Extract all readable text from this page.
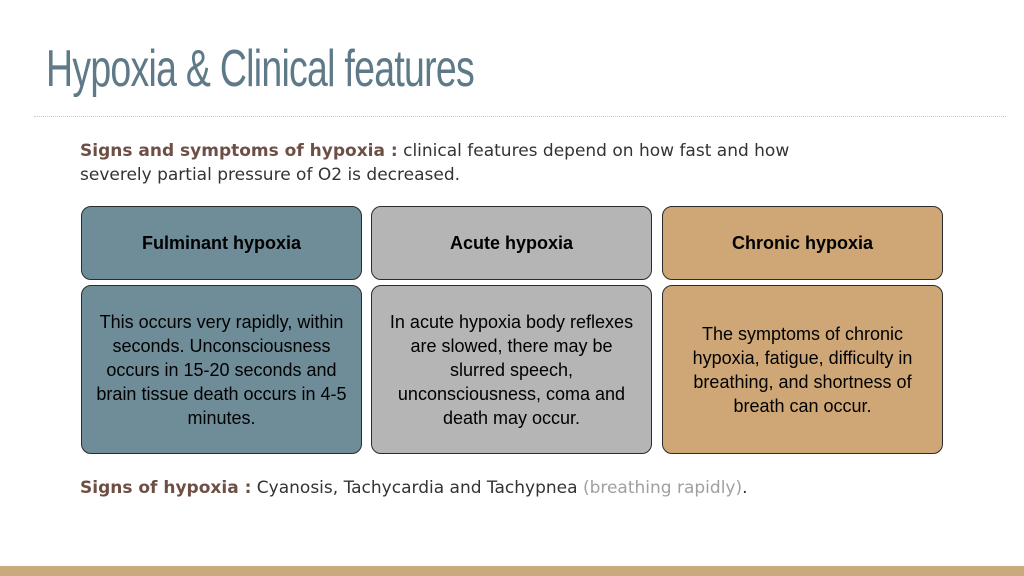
Hypoxia & Clinical features

Signs and symptoms of hypoxia : clinical features depend on how fast and how severely partial pressure of O2 is decreased.

Fulminant hypoxia	Acute hypoxia	Chronic hypoxia
This occurs very rapidly, within seconds. Unconsciousness occurs in 15-20 seconds and brain tissue death occurs in 4-5 minutes.
In acute hypoxia body reflexes are slowed, there may be slurred speech, unconsciousness, coma and death may occur.
The symptoms of chronic hypoxia, fatigue, difficulty in breathing, and shortness of breath can occur.

Signs of hypoxia : Cyanosis, Tachycardia and Tachypnea (breathing rapidly).
